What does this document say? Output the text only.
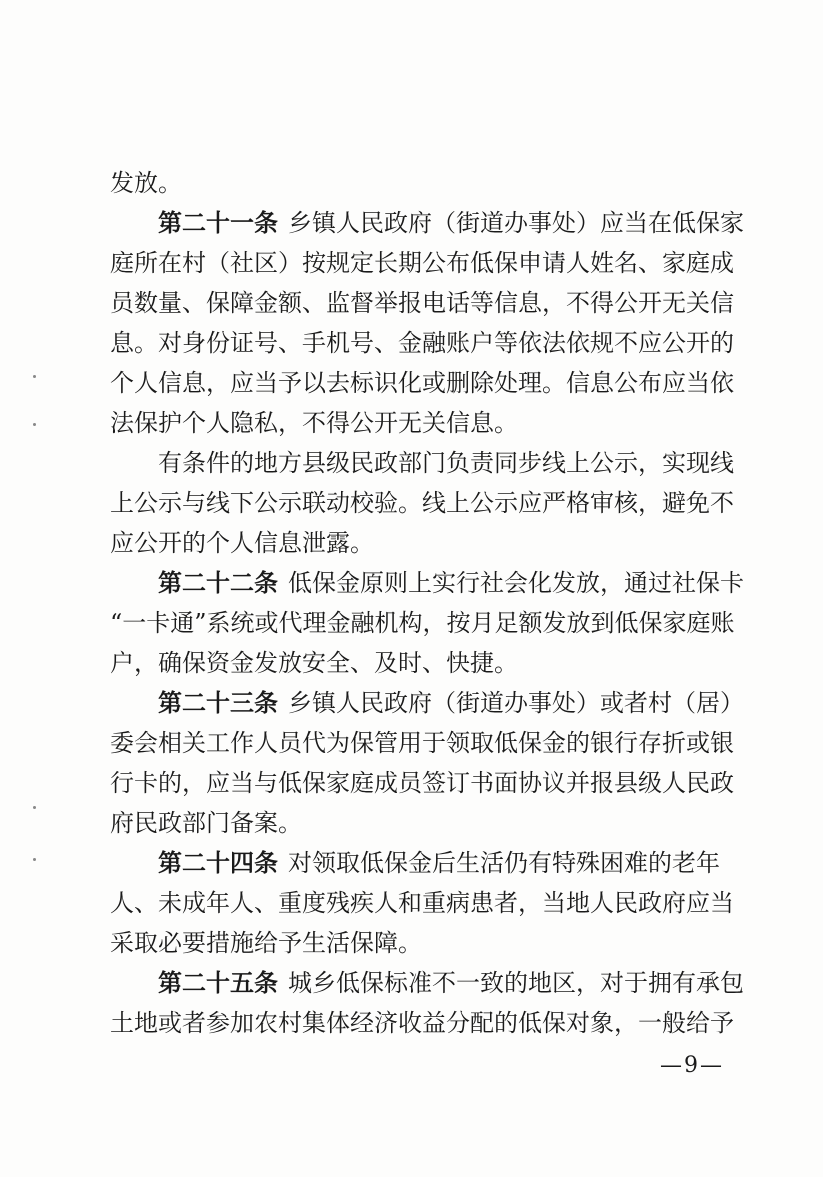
发放。
第二十一条 乡镇人民政府（街道办事处）应当在低保家
庭所在村（社区）按规定长期公布低保申请人姓名、家庭成
员数量、保障金额、监督举报电话等信息，不得公开无关信
息。对身份证号、手机号、金融账户等依法依规不应公开的
个人信息，应当予以去标识化或删除处理。信息公布应当依
法保护个人隐私，不得公开无关信息。
有条件的地方县级民政部门负责同步线上公示，实现线
上公示与线下公示联动校验。线上公示应严格审核，避免不
应公开的个人信息泄露。
第二十二条 低保金原则上实行社会化发放，通过社保卡
“一卡通”系统或代理金融机构，按月足额发放到低保家庭账
户，确保资金发放安全、及时、快捷。
第二十三条 乡镇人民政府（街道办事处）或者村（居）
委会相关工作人员代为保管用于领取低保金的银行存折或银
行卡的，应当与低保家庭成员签订书面协议并报县级人民政
府民政部门备案。
第二十四条 对领取低保金后生活仍有特殊困难的老年
人、未成年人、重度残疾人和重病患者，当地人民政府应当
采取必要措施给予生活保障。
第二十五条 城乡低保标准不一致的地区，对于拥有承包
土地或者参加农村集体经济收益分配的低保对象，一般给予
—9—
